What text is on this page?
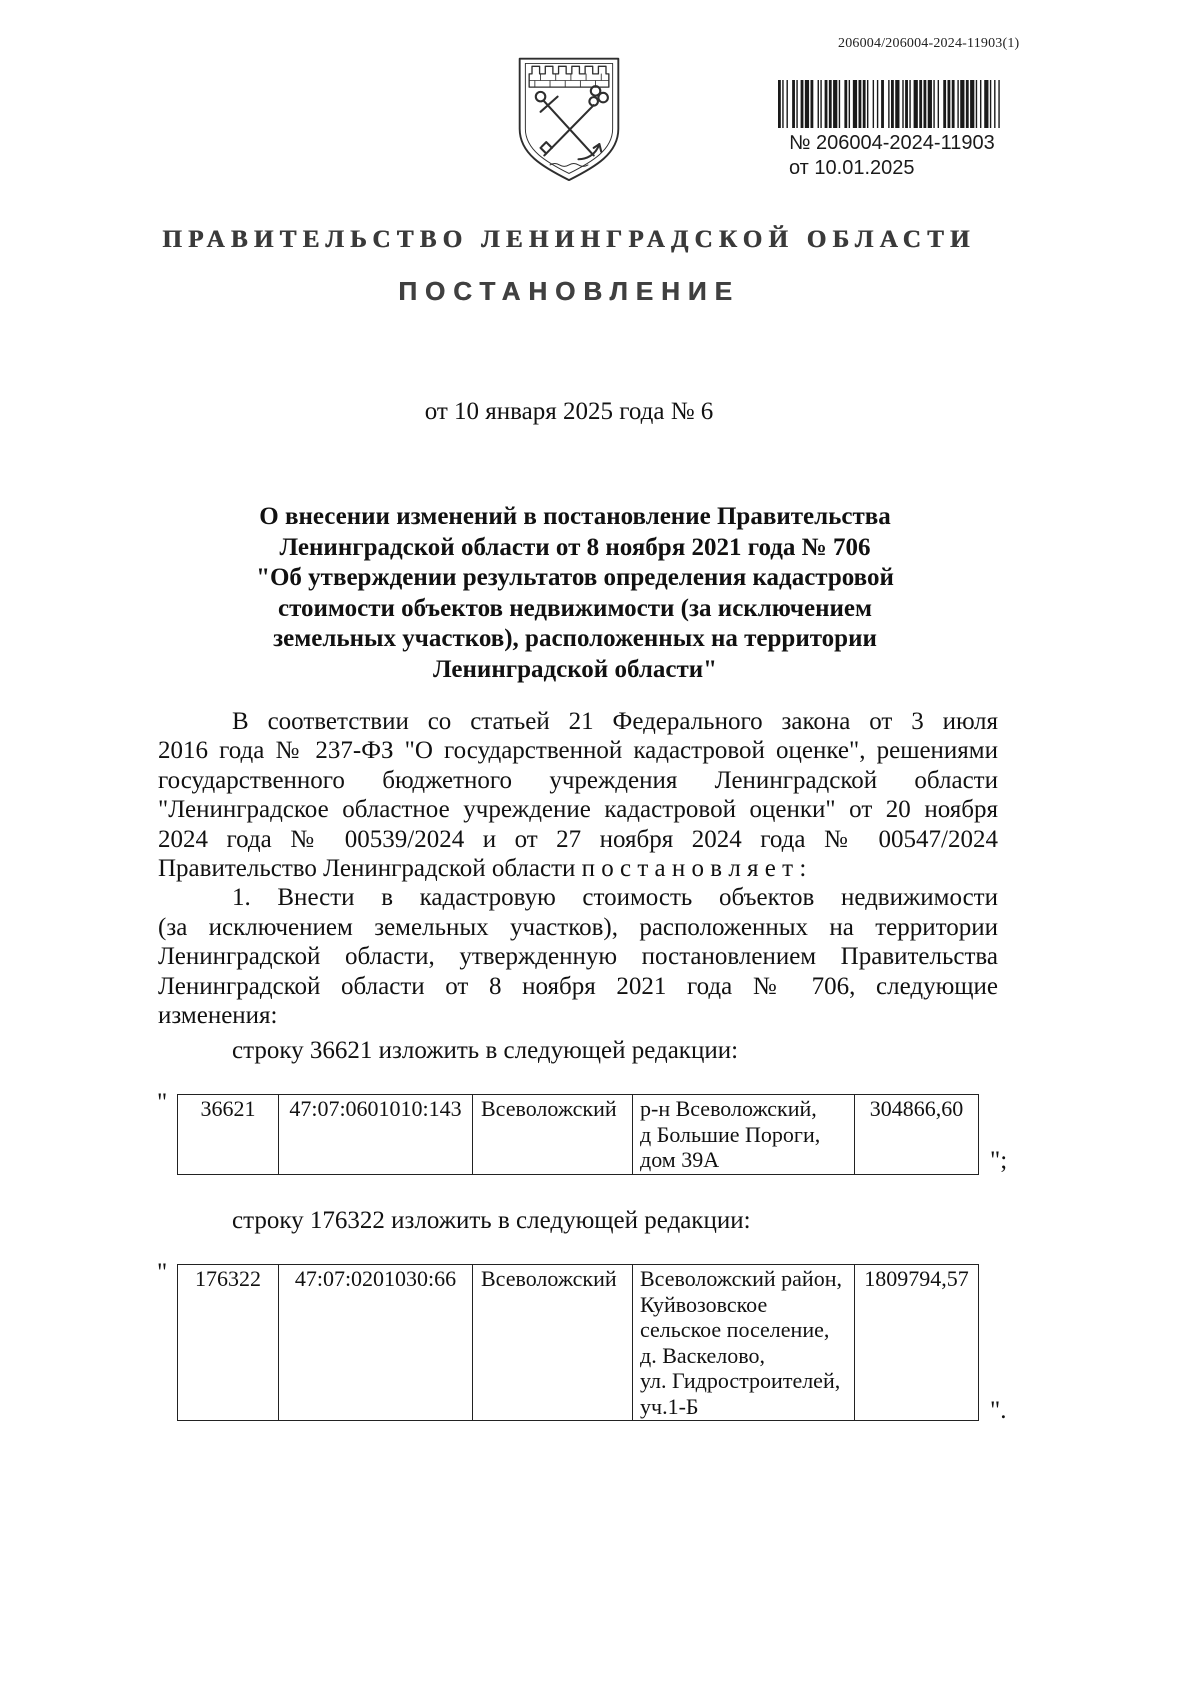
206004/206004-2024-11903(1)
№ 206004-2024-11903
от 10.01.2025
ПРАВИТЕЛЬСТВО ЛЕНИНГРАДСКОЙ ОБЛАСТИ
ПОСТАНОВЛЕНИЕ
от 10 января 2025 года № 6
О внесении изменений в постановление Правительства
Ленинградской области от 8 ноября 2021 года № 706
"Об утверждении результатов определения кадастровой
стоимости объектов недвижимости (за исключением
земельных участков), расположенных на территории
Ленинградской области"
В соответствии со статьей 21 Федерального закона от 3 июля
2016 года № 237-ФЗ "О государственной кадастровой оценке", решениями
государственного бюджетного учреждения Ленинградской области
"Ленинградское областное учреждение кадастровой оценки" от 20 ноября
2024 года № 00539/2024 и от 27 ноября 2024 года № 00547/2024
Правительство Ленинградской области п о с т а н о в л я е т :
1. Внести в кадастровую стоимость объектов недвижимости
(за исключением земельных участков), расположенных на территории
Ленинградской области, утвержденную постановлением Правительства
Ленинградской области от 8 ноября 2021 года № 706, следующие
изменения:
строку 36621 изложить в следующей редакции:
" 36621	47:07:0601010:143	Всеволожский	р-н Всеволожский,
д Большие Пороги,
дом 39А
	304866,60
";
строку 176322 изложить в следующей редакции:
" 176322	47:07:0201030:66	Всеволожский	Всеволожский район,
Куйвозовское
сельское поселение,
д. Васкелово,
ул. Гидростроителей,
уч.1-Б
	1809794,57
".
